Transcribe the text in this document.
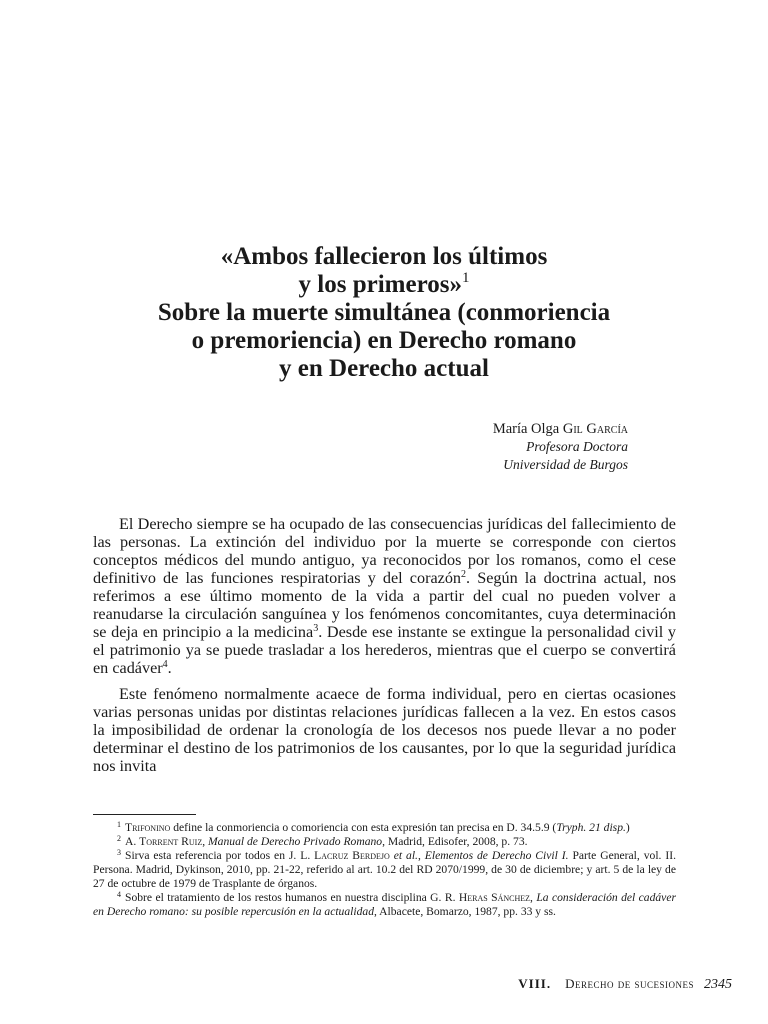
«Ambos fallecieron los últimos
y los primeros»$^1$
Sobre la muerte simultánea (conmoriencia
o premoriencia) en Derecho romano
y en Derecho actual
María Olga Gil García
Profesora Doctora
Universidad de Burgos

El Derecho siempre se ha ocupado de las consecuencias jurídicas del fallecimiento de las personas. La extinción del individuo por la muerte se corresponde con ciertos conceptos médicos del mundo antiguo, ya reconocidos por los romanos, como el cese definitivo de las funciones respiratorias y del corazón$^2$. Según la doctrina actual, nos referimos a ese último momento de la vida a partir del cual no pueden volver a reanudarse la circulación sanguínea y los fenómenos concomitantes, cuya determinación se deja en principio a la medicina$^3$. Desde ese instante se extingue la personalidad civil y el patrimonio ya se puede trasladar a los herederos, mientras que el cuerpo se convertirá en cadáver$^4$.

Este fenómeno normalmente acaece de forma individual, pero en ciertas ocasiones varias personas unidas por distintas relaciones jurídicas fallecen a la vez. En estos casos la imposibilidad de ordenar la cronología de los decesos nos puede llevar a no poder determinar el destino de los patrimonios de los causantes, por lo que la seguridad jurídica nos invita

$^1$ Trifonino define la conmoriencia o comoriencia con esta expresión tan precisa en D. 34.5.9 (Tryph. 21 disp.)

$^2$ A. Torrent Ruiz, Manual de Derecho Privado Romano, Madrid, Edisofer, 2008, p. 73.

$^3$ Sirva esta referencia por todos en J. L. Lacruz Berdejo et al., Elementos de Derecho Civil I. Parte General, vol. II. Persona. Madrid, Dykinson, 2010, pp. 21-22, referido al art. 10.2 del RD 2070/1999, de 30 de diciembre; y art. 5 de la ley de 27 de octubre de 1979 de Trasplante de órganos.

$^4$ Sobre el tratamiento de los restos humanos en nuestra disciplina G. R. Heras Sánchez, La consideración del cadáver en Derecho romano: su posible repercusión en la actualidad, Albacete, Bomarzo, 1987, pp. 33 y ss.

VIII. Derecho de sucesiones 2345
